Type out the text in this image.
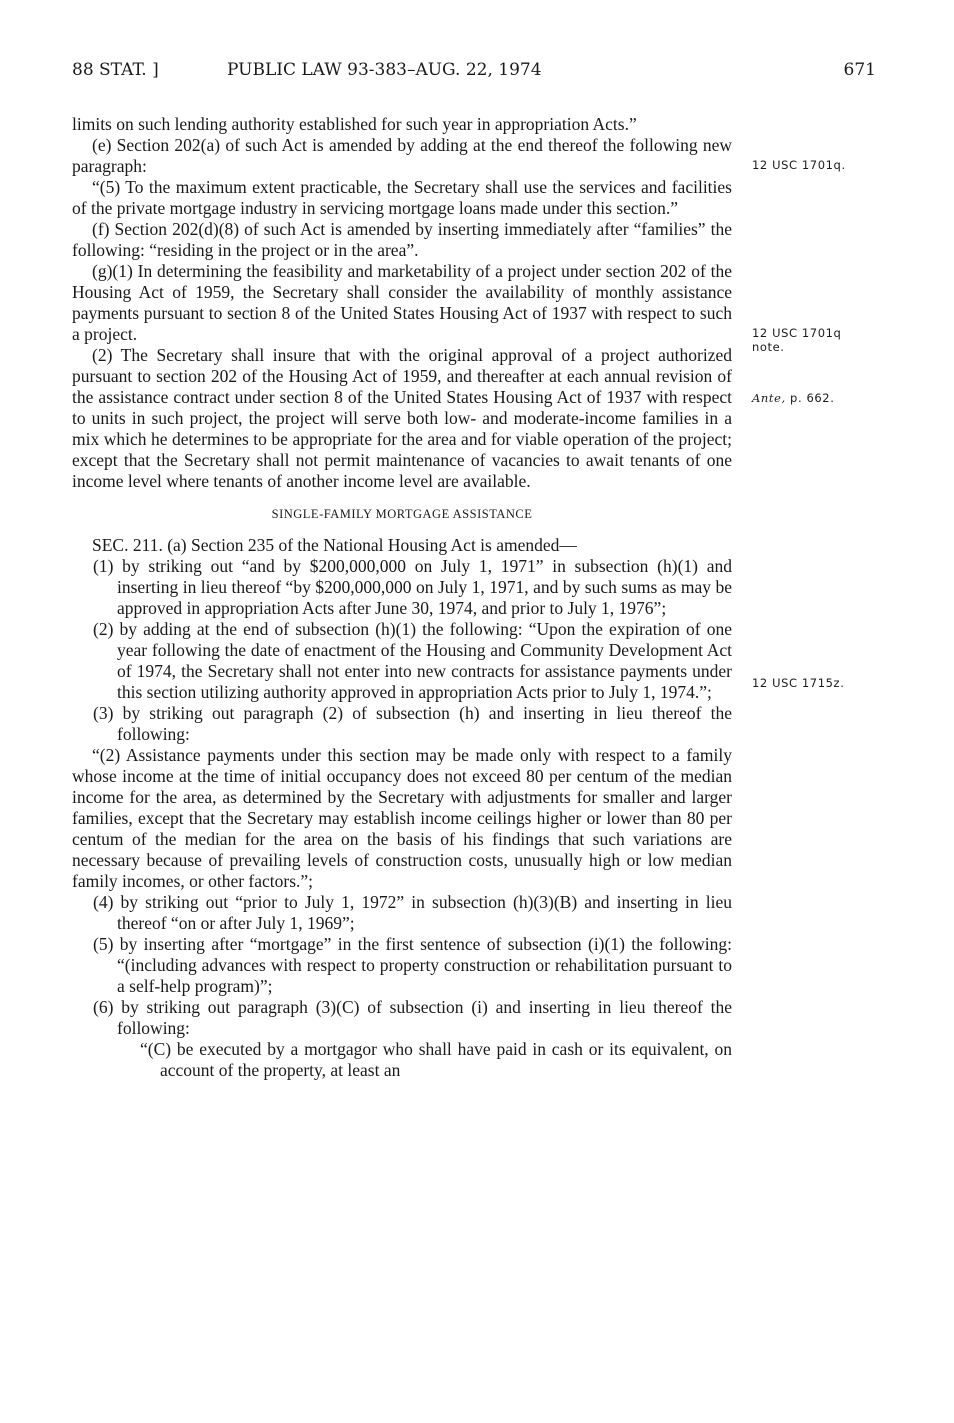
88 STAT. ]	PUBLIC LAW 93-383–AUG. 22, 1974	671
12 USC 1701q.
12 USC 1701q
note.
Ante, p. 662.
12 USC 1715z.

limits on such lending authority established for such year in appropriation Acts.”

(e) Section 202(a) of such Act is amended by adding at the end thereof the following new paragraph:

“(5) To the maximum extent practicable, the Secretary shall use the services and facilities of the private mortgage industry in servicing mortgage loans made under this section.”

(f) Section 202(d)(8) of such Act is amended by inserting immediately after “families” the following: “residing in the project or in the area”.

(g)(1) In determining the feasibility and marketability of a project under section 202 of the Housing Act of 1959, the Secretary shall consider the availability of monthly assistance payments pursuant to section 8 of the United States Housing Act of 1937 with respect to such a project.

(2) The Secretary shall insure that with the original approval of a project authorized pursuant to section 202 of the Housing Act of 1959, and thereafter at each annual revision of the assistance contract under section 8 of the United States Housing Act of 1937 with respect to units in such project, the project will serve both low- and moderate-income families in a mix which he determines to be appropriate for the area and for viable operation of the project; except that the Secretary shall not permit maintenance of vacancies to await tenants of one income level where tenants of another income level are available.

SINGLE-FAMILY MORTGAGE ASSISTANCE

SEC. 211. (a) Section 235 of the National Housing Act is amended—

(1) by striking out “and by $200,000,000 on July 1, 1971” in subsection (h)(1) and inserting in lieu thereof “by $200,000,000 on July 1, 1971, and by such sums as may be approved in appropriation Acts after June 30, 1974, and prior to July 1, 1976”;

(2) by adding at the end of subsection (h)(1) the following: “Upon the expiration of one year following the date of enactment of the Housing and Community Development Act of 1974, the Secretary shall not enter into new contracts for assistance payments under this section utilizing authority approved in appropriation Acts prior to July 1, 1974.”;

(3) by striking out paragraph (2) of subsection (h) and inserting in lieu thereof the following:

“(2) Assistance payments under this section may be made only with respect to a family whose income at the time of initial occupancy does not exceed 80 per centum of the median income for the area, as determined by the Secretary with adjustments for smaller and larger families, except that the Secretary may establish income ceilings higher or lower than 80 per centum of the median for the area on the basis of his findings that such variations are necessary because of prevailing levels of construction costs, unusually high or low median family incomes, or other factors.”;

(4) by striking out “prior to July 1, 1972” in subsection (h)(3)(B) and inserting in lieu thereof “on or after July 1, 1969”;

(5) by inserting after “mortgage” in the first sentence of subsection (i)(1) the following: “(including advances with respect to property construction or rehabilitation pursuant to a self-help program)”;

(6) by striking out paragraph (3)(C) of subsection (i) and inserting in lieu thereof the following:

“(C) be executed by a mortgagor who shall have paid in cash or its equivalent, on account of the property, at least an
